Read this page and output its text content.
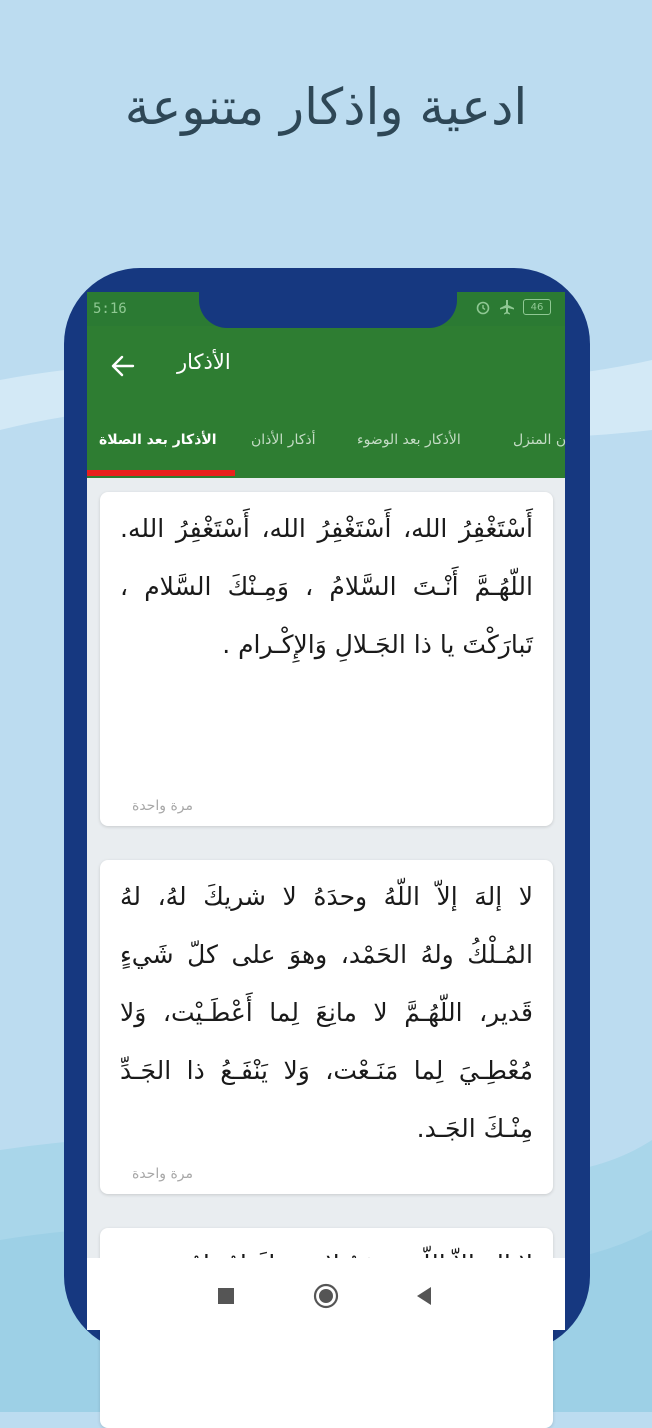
ادعية واذكار متنوعة
5:16	46
الأذكار
الأذكار بعد الصلاة أذكار الأذان	الأذكار بعد الوضوء	ن المنزل
أَسْتَغْفِرُ الله، أَسْتَغْفِرُ الله، أَسْتَغْفِرُ الله. اللّهُـمَّ أَنْـتَ السَّلامُ ، وَمِـنْكَ السَّلام ، تَبارَكْتَ يا ذا الجَـلالِ وَالإِكْـرام .
مرة واحدة
لا إلهَ إلاّ اللّهُ وحدَهُ لا شريكَ لهُ، لهُ المُـلْكُ ولهُ الحَمْد، وهوَ على كلّ شَيءٍ قَدير، اللّهُـمَّ لا مانِعَ لِما أَعْطَـيْت، وَلا مُعْطِـيَ لِما مَنَـعْت، وَلا يَنْفَـعُ ذا الجَـدِّ مِنْـكَ الجَـد.
مرة واحدة
